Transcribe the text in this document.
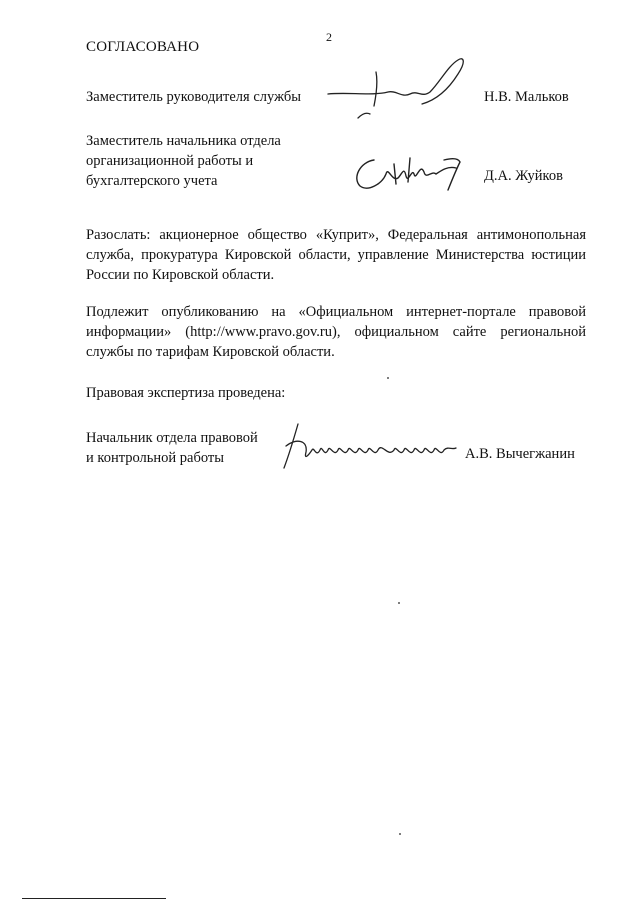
2
СОГЛАСОВАНО
Заместитель руководителя службы	Н.В. Мальков
Заместитель начальника отдела
организационной работы и
бухгалтерского учета	Д.А. Жуйков
Разослать: акционерное общество «Куприт», Федеральная антимонопольная
служба, прокуратура Кировской области, управление Министерства юстиции
России по Кировской области.
Подлежит опубликованию на «Официальном интернет-портале правовой
информации» (http://www.pravo.gov.ru), официальном сайте региональной
службы по тарифам Кировской области.
Правовая экспертиза проведена:
Начальник отдела правовой
и контрольной работы	А.В. Вычегжанин
